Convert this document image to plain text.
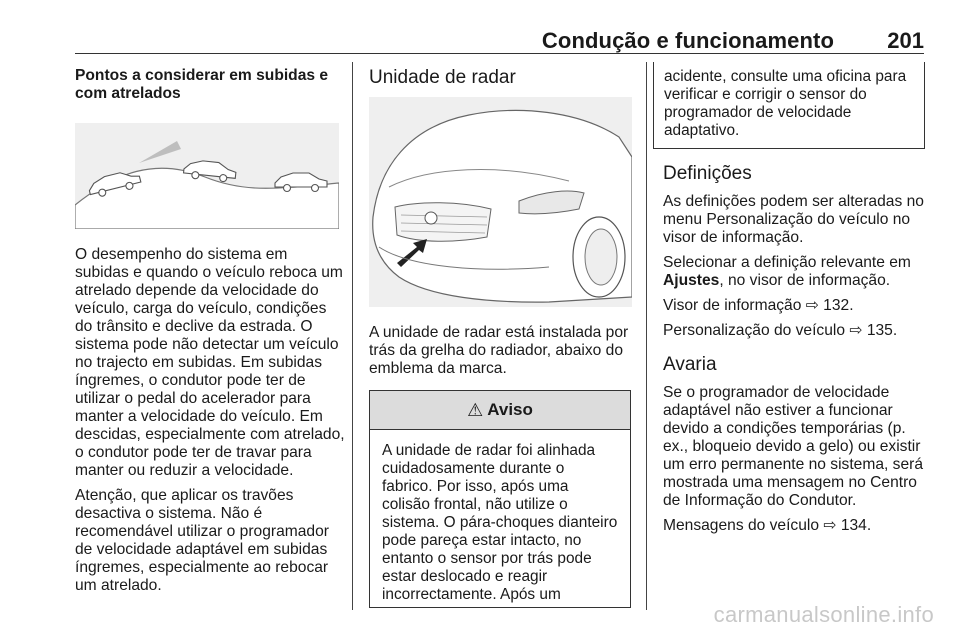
Condução e funcionamento 201
Pontos a considerar em subidas e com atrelados

O desempenho do sistema em subidas e quando o veículo reboca um atrelado depende da velocidade do veículo, carga do veículo, condições do trânsito e declive da estrada. O sistema pode não detectar um veículo no trajecto em subidas. Em subidas íngremes, o condutor pode ter de utilizar o pedal do acelerador para manter a velocidade do veículo. Em descidas, especialmente com atrelado, o condutor pode ter de travar para manter ou reduzir a velocidade.

Atenção, que aplicar os travões desactiva o sistema. Não é recomendável utilizar o programador de velocidade adaptável em subidas íngremes, especialmente ao rebocar um atrelado.

Unidade de radar

A unidade de radar está instalada por trás da grelha do radiador, abaixo do emblema da marca.

⚠ Aviso
A unidade de radar foi alinhada cuidadosamente durante o fabrico. Por isso, após uma colisão frontal, não utilize o sistema. O pára-choques dianteiro pode pareça estar intacto, no entanto o sensor por trás pode estar deslocado e reagir incorrectamente. Após um
acidente, consulte uma oficina para verificar e corrigir o sensor do programador de velocidade adaptativo.
Definições

As definições podem ser alteradas no menu Personalização do veículo no visor de informação.

Selecionar a definição relevante em Ajustes, no visor de informação.

Visor de informação ⇨ 132.

Personalização do veículo ⇨ 135.

Avaria

Se o programador de velocidade adaptável não estiver a funcionar devido a condições temporárias (p. ex., bloqueio devido a gelo) ou existir um erro permanente no sistema, será mostrada uma mensagem no Centro de Informação do Condutor.

Mensagens do veículo ⇨ 134.

carmanualsonline.info
